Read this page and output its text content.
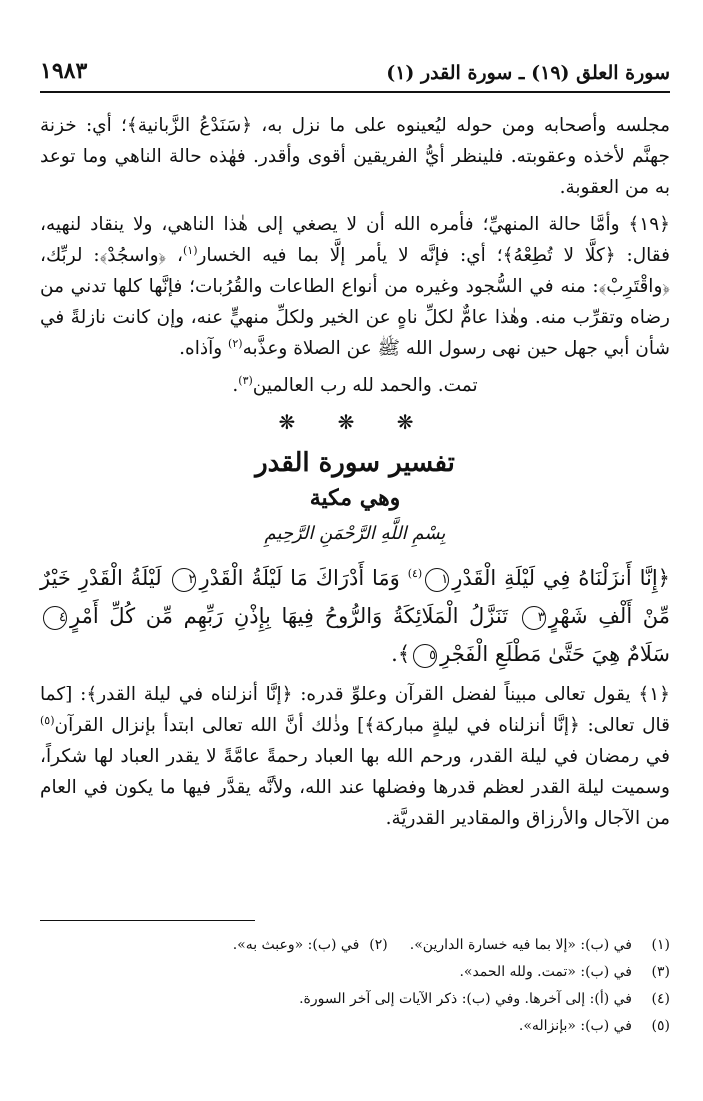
سورة العلق (١٩) ـ سورة القدر (١)
١٩٨٣

مجلسه وأصحابه ومن حوله ليُعينوه على ما نزل به، ﴿سَنَدْعُ الزَّبانية﴾؛ أي: خزنة جهنَّم لأخذه وعقوبته. فلينظر أيُّ الفريقين أقوى وأقدر. فهٰذه حالة الناهي وما توعد به من العقوبة.

﴿١٩﴾ وأمَّا حالة المنهيِّ؛ فأمره الله أن لا يصغي إلى هٰذا الناهي، ولا ينقاد لنهيه، فقال: ﴿كلَّا لا تُطِعْهُ﴾؛ أي: فإنَّه لا يأمر إلَّا بما فيه الخسار$^{(١)}$، ﴿واسجُدْ﴾: لربِّك، ﴿واقْتَرِبْ﴾: منه في السُّجود وغيره من أنواع الطاعات والقُرُبات؛ فإنَّها كلها تدني من رضاه وتقرِّب منه. وهٰذا عامٌّ لكلِّ ناهٍ عن الخير ولكلِّ منهيٍّ عنه، وإن كانت نازلةً في شأن أبي جهل حين نهى رسول الله ﷺ عن الصلاة وعذَّبه$^{(٢)}$ وآذاه.

تمت. والحمد لله رب العالمين$^{(٣)}$.

❋ ❋ ❋
تفسير سورة القدر
وهي مكية
بِسْمِ اللَّهِ الرَّحْمَنِ الرَّحِيمِ

﴿إِنَّا أَنزَلْنَاهُ فِي لَيْلَةِ الْقَدْرِ١$^{(٤)}$ وَمَا أَدْرَاكَ مَا لَيْلَةُ الْقَدْرِ٢ لَيْلَةُ الْقَدْرِ خَيْرٌ مِّنْ أَلْفِ شَهْرٍ٣ تَنَزَّلُ الْمَلَائِكَةُ وَالرُّوحُ فِيهَا بِإِذْنِ رَبِّهِم مِّن كُلِّ أَمْرٍ٤ سَلَامٌ هِيَ حَتَّىٰ مَطْلَعِ الْفَجْرِ٥﴾.

﴿١﴾ يقول تعالى مبيناً لفضل القرآن وعلوِّ قدره: ﴿إنَّا أنزلناه في ليلة القدر﴾: [كما قال تعالى: ﴿إنَّا أنزلناه في ليلةٍ مباركة﴾] وذٰلك أنَّ الله تعالى ابتدأ بإنزال القرآن$^{(٥)}$ في رمضان في ليلة القدر، ورحم الله بها العباد رحمةً عامَّةً لا يقدر العباد لها شكراً، وسميت ليلة القدر لعظم قدرها وفضلها عند الله، ولأنَّه يقدَّر فيها ما يكون في العام من الآجال والأرزاق والمقادير القدريَّة.

(١)
في (ب): «إلا بما فيه خسارة الدارين».
(٢)
في (ب): «وعبث به».
(٣)
في (ب): «تمت. ولله الحمد».
(٤)
في (أ): إلى آخرها. وفي (ب): ذكر الآيات إلى آخر السورة.
(٥)
في (ب): «بإنزاله».
